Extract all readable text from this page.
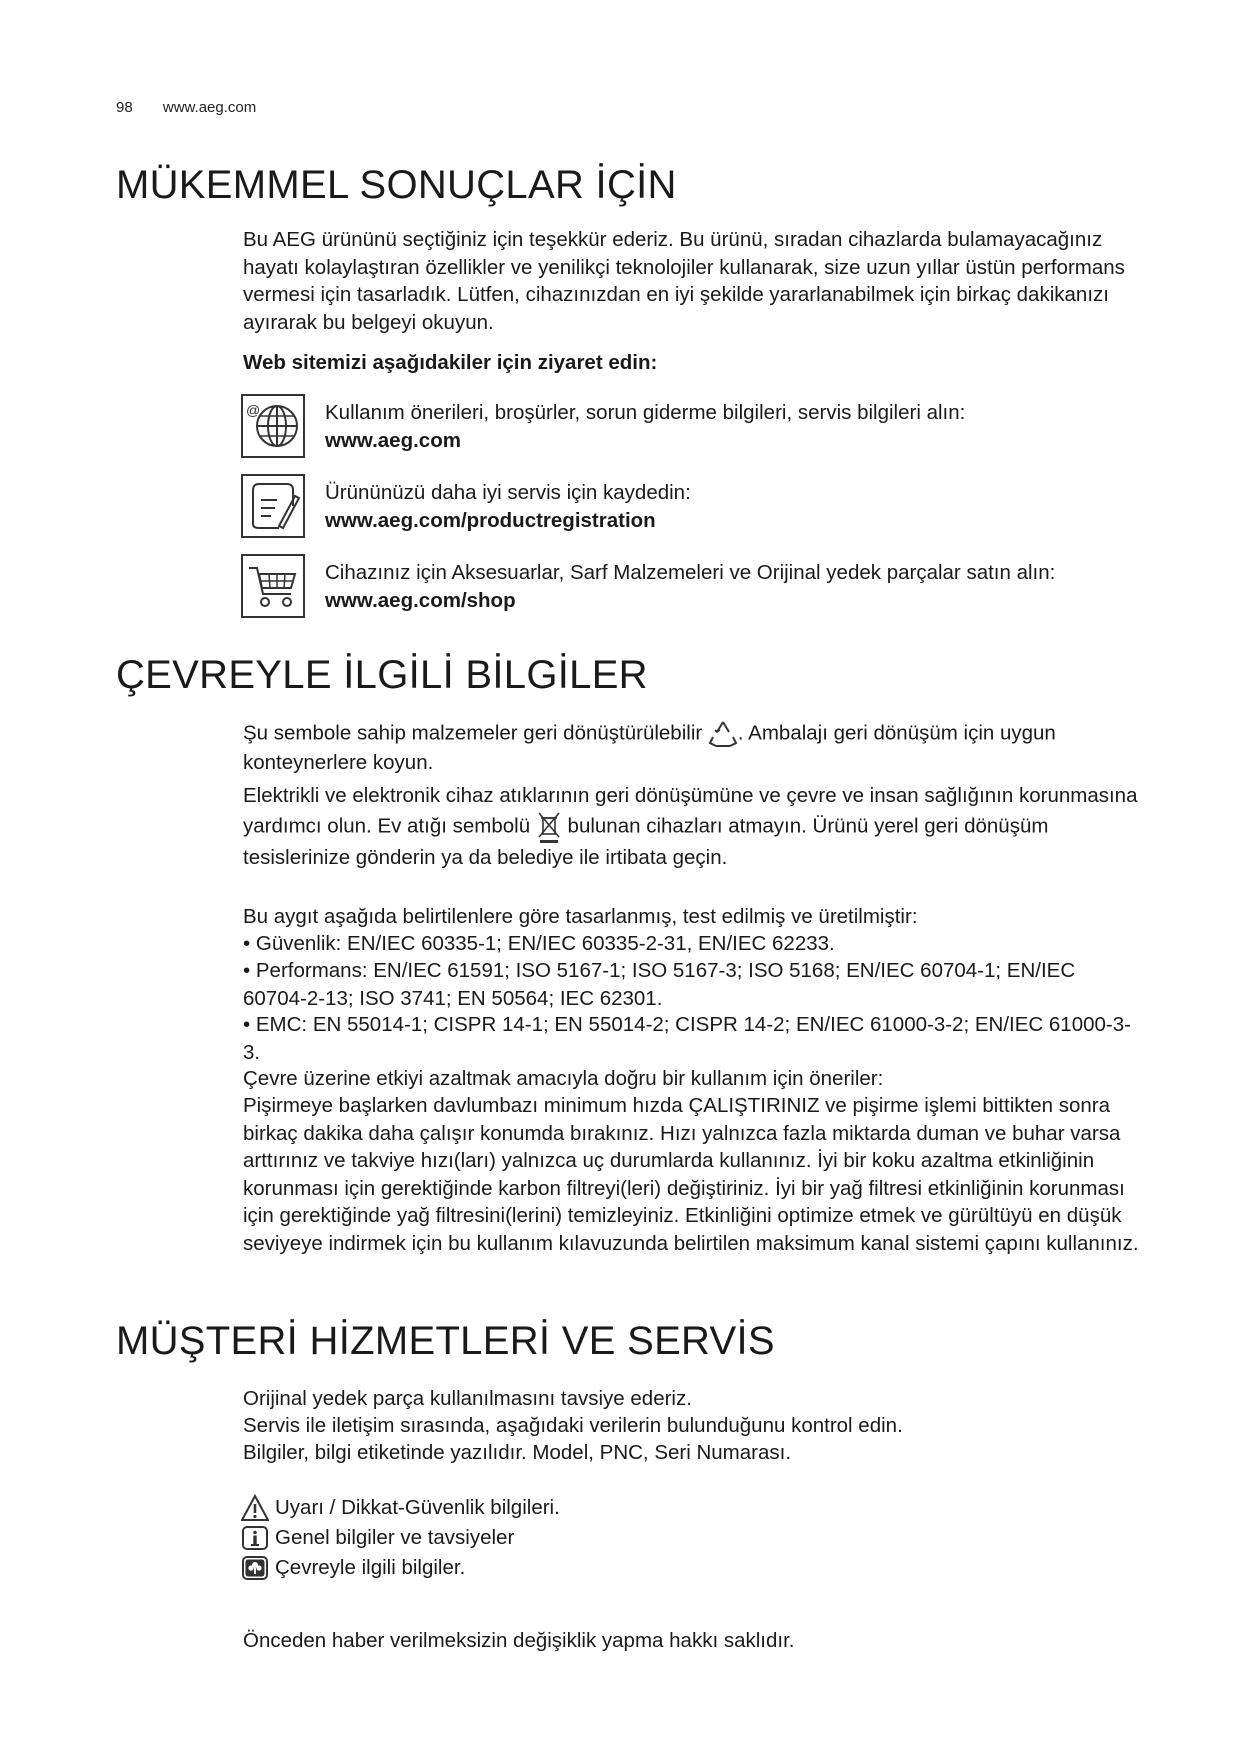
98 www.aeg.com
MÜKEMMEL SONUÇLAR İÇİN

Bu AEG ürününü seçtiğiniz için teşekkür ederiz. Bu ürünü, sıradan cihazlarda bulamayacağınız hayatı kolaylaştıran özellikler ve yenilikçi teknolojiler kullanarak, size uzun yıllar üstün performans vermesi için tasarladık. Lütfen, cihazınızdan en iyi şekilde yararlanabilmek için birkaç dakikanızı ayırarak bu belgeyi okuyun.

Web sitemizi aşağıdakiler için ziyaret edin:

@	Kullanım önerileri, broşürler, sorun giderme bilgileri, servis bilgileri alın:
www.aeg.com
Ürününüzü daha iyi servis için kaydedin:
www.aeg.com/productregistration
Cihazınız için Aksesuarlar, Sarf Malzemeleri ve Orijinal yedek parçalar satın alın:
www.aeg.com/shop
ÇEVREYLE İLGİLİ BİLGİLER

Şu sembole sahip malzemeler geri dönüştürülebilir . Ambalajı geri dönüşüm için uygun konteynerlere koyun.

Elektrikli ve elektronik cihaz atıklarının geri dönüşümüne ve çevre ve insan sağlığının korunmasına yardımcı olun. Ev atığı sembolü bulunan cihazları atmayın. Ürünü yerel geri dönüşüm tesislerinize gönderin ya da belediye ile irtibata geçin.

Bu aygıt aşağıda belirtilenlere göre tasarlanmış, test edilmiş ve üretilmiştir:

• Güvenlik: EN/IEC 60335-1; EN/IEC 60335-2-31, EN/IEC 62233.

• Performans: EN/IEC 61591; ISO 5167-1; ISO 5167-3; ISO 5168; EN/IEC 60704-1; EN/IEC 60704-2-13; ISO 3741; EN 50564; IEC 62301.

• EMC: EN 55014-1; CISPR 14-1; EN 55014-2; CISPR 14-2; EN/IEC 61000-3-2; EN/IEC 61000-3-3.

Çevre üzerine etkiyi azaltmak amacıyla doğru bir kullanım için öneriler:

Pişirmeye başlarken davlumbazı minimum hızda ÇALIŞTIRINIZ ve pişirme işlemi bittikten sonra birkaç dakika daha çalışır konumda bırakınız. Hızı yalnızca fazla miktarda duman ve buhar varsa arttırınız ve takviye hızı(ları) yalnızca uç durumlarda kullanınız. İyi bir koku azaltma etkinliğinin korunması için gerektiğinde karbon filtreyi(leri) değiştiriniz. İyi bir yağ filtresi etkinliğinin korunması için gerektiğinde yağ filtresini(lerini) temizleyiniz. Etkinliğini optimize etmek ve gürültüyü en düşük seviyeye indirmek için bu kullanım kılavuzunda belirtilen maksimum kanal sistemi çapını kullanınız.

MÜŞTERİ HİZMETLERİ VE SERVİS

Orijinal yedek parça kullanılmasını tavsiye ederiz.

Servis ile iletişim sırasında, aşağıdaki verilerin bulunduğunu kontrol edin.

Bilgiler, bilgi etiketinde yazılıdır. Model, PNC, Seri Numarası.

Uyarı / Dikkat-Güvenlik bilgileri.
Genel bilgiler ve tavsiyeler
Çevreyle ilgili bilgiler.

Önceden haber verilmeksizin değişiklik yapma hakkı saklıdır.
